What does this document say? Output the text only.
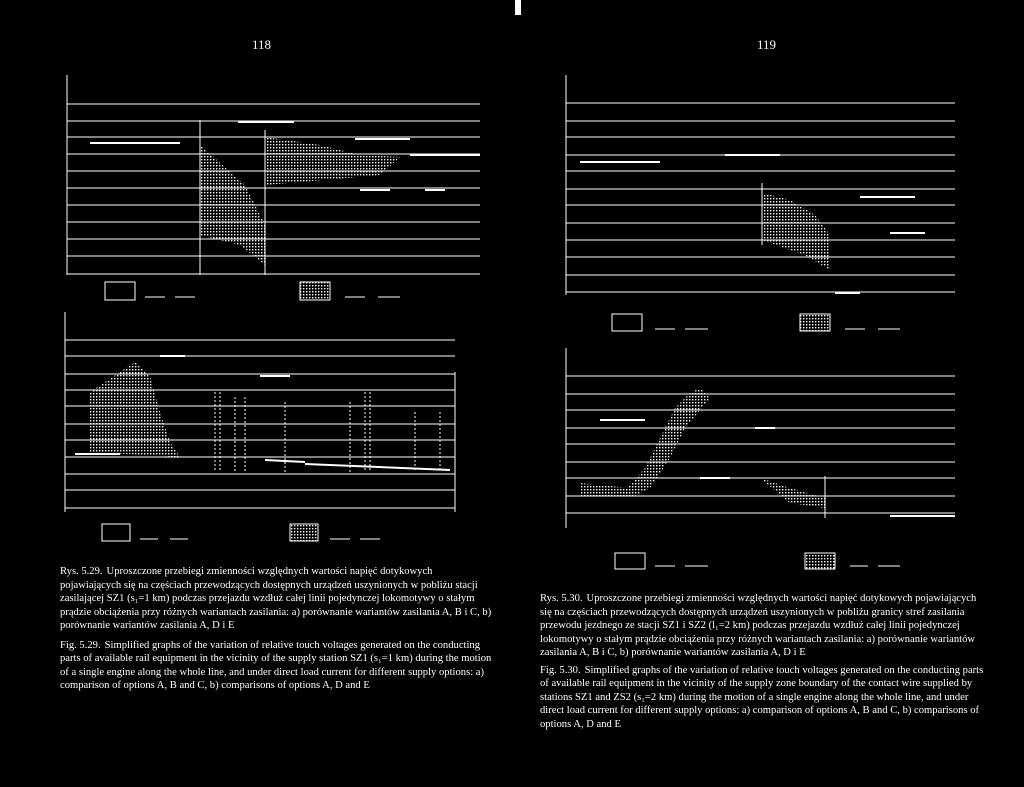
118	119

Rys. 5.29. Uproszczone przebiegi zmienności względnych wartości napięć dotykowych pojawiających się na częściach przewodzących dostępnych urządzeń uszynionych w pobliżu stacji zasilającej SZ1 (s₁=1 km) podczas przejazdu wzdłuż całej linii pojedynczej lokomotywy o stałym prądzie obciążenia przy różnych wariantach zasilania: a) porównanie wariantów zasilania A, B i C, b) porównanie wariantów zasilania A, D i E

Fig. 5.29. Simplified graphs of the variation of relative touch voltages generated on the conducting parts of available rail equipment in the vicinity of the supply station SZ1 (s₁=1 km) during the motion of a single engine along the whole line, and under direct load current for different supply options: a) comparison of options A, B and C, b) comparisons of options A, D and E

Rys. 5.30. Uproszczone przebiegi zmienności względnych wartości napięć dotykowych pojawiających się na częściach przewodzących dostępnych urządzeń uszynionych w pobliżu granicy stref zasilania przewodu jezdnego ze stacji SZ1 i SZ2 (l₁=2 km) podczas przejazdu wzdłuż całej linii pojedynczej lokomotywy o stałym prądzie obciążenia przy różnych wariantach zasilania: a) porównanie wariantów zasilania A, B i C, b) porównanie wariantów zasilania A, D i E

Fig. 5.30. Simplified graphs of the variation of relative touch voltages generated on the conducting parts of available rail equipment in the vicinity of the supply zone boundary of the contact wire supplied by stations SZ1 and ZS2 (s₁=2 km) during the motion of a single engine along the whole line, and under direct load current for different supply options: a) comparison of options A, B and C, b) comparisons of options A, D and E
